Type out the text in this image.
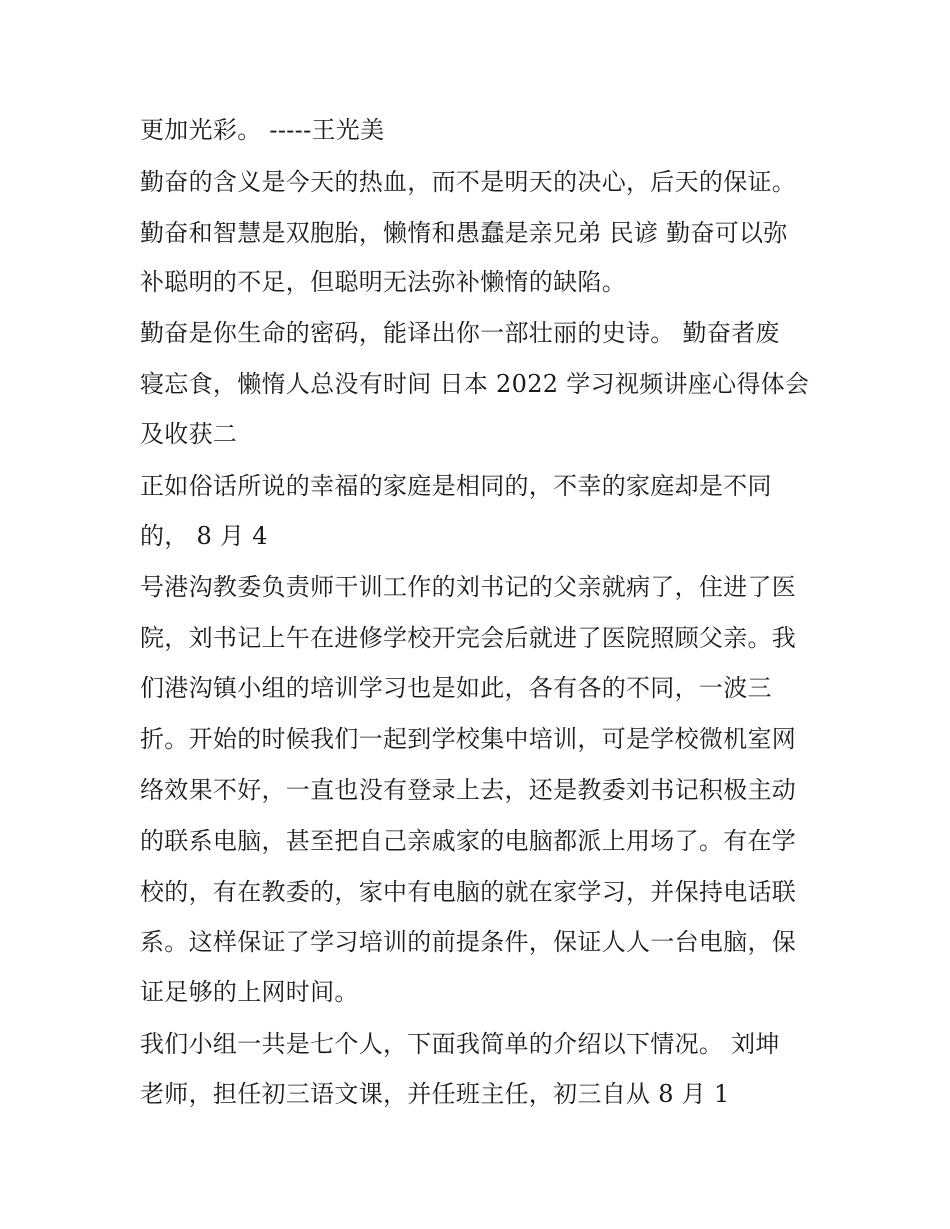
更加光彩。 -----王光美
勤奋的含义是今天的热血，而不是明天的决心，后天的保证。
勤奋和智慧是双胞胎，懒惰和愚蠢是亲兄弟 民谚 勤奋可以弥
补聪明的不足，但聪明无法弥补懒惰的缺陷。
勤奋是你生命的密码，能译出你一部壮丽的史诗。 勤奋者废
寝忘食，懒惰人总没有时间 日本 2022 学习视频讲座心得体会
及收获二
正如俗话所说的幸福的家庭是相同的，不幸的家庭却是不同
的， 8 月 4
号港沟教委负责师干训工作的刘书记的父亲就病了，住进了医
院，刘书记上午在进修学校开完会后就进了医院照顾父亲。我
们港沟镇小组的培训学习也是如此，各有各的不同，一波三
折。开始的时候我们一起到学校集中培训，可是学校微机室网
络效果不好，一直也没有登录上去，还是教委刘书记积极主动
的联系电脑，甚至把自己亲戚家的电脑都派上用场了。有在学
校的，有在教委的，家中有电脑的就在家学习，并保持电话联
系。这样保证了学习培训的前提条件，保证人人一台电脑，保
证足够的上网时间。
我们小组一共是七个人，下面我简单的介绍以下情况。 刘坤
老师，担任初三语文课，并任班主任，初三自从 8 月 1
